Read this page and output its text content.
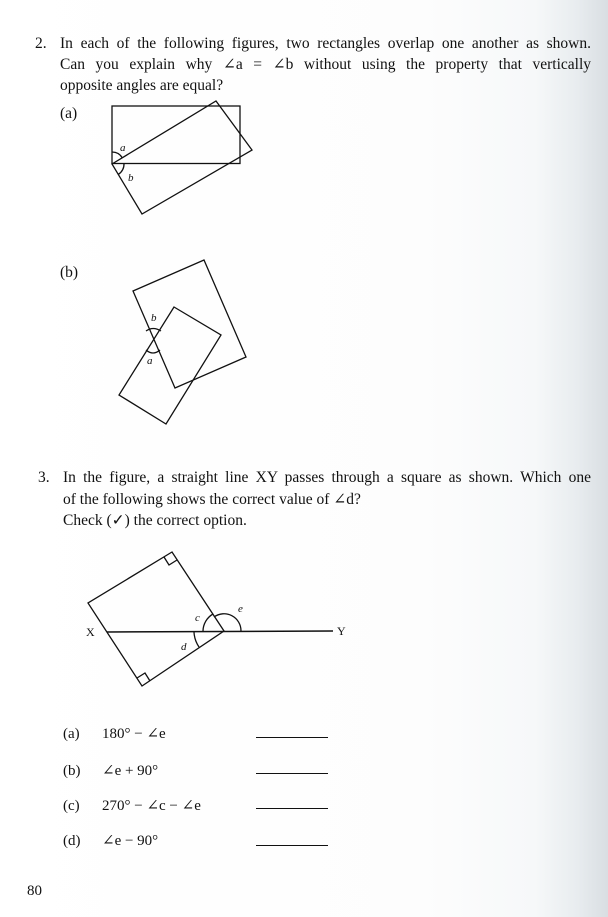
2. In each of the following figures, two rectangles overlap one another as shown.
Can you explain why ∠a = ∠b without using the property that vertically
opposite angles are equal?
(a)
(b)
a
b
b
a
c
e
d
X	Y
3. In the figure, a straight line XY passes through a square as shown. Which one
of the following shows the correct value of ∠d?
Check (✓) the correct option.
(a) 180° − ∠e
(b) ∠e + 90°
(c) 270° − ∠c − ∠e
(d) ∠e − 90°
80
